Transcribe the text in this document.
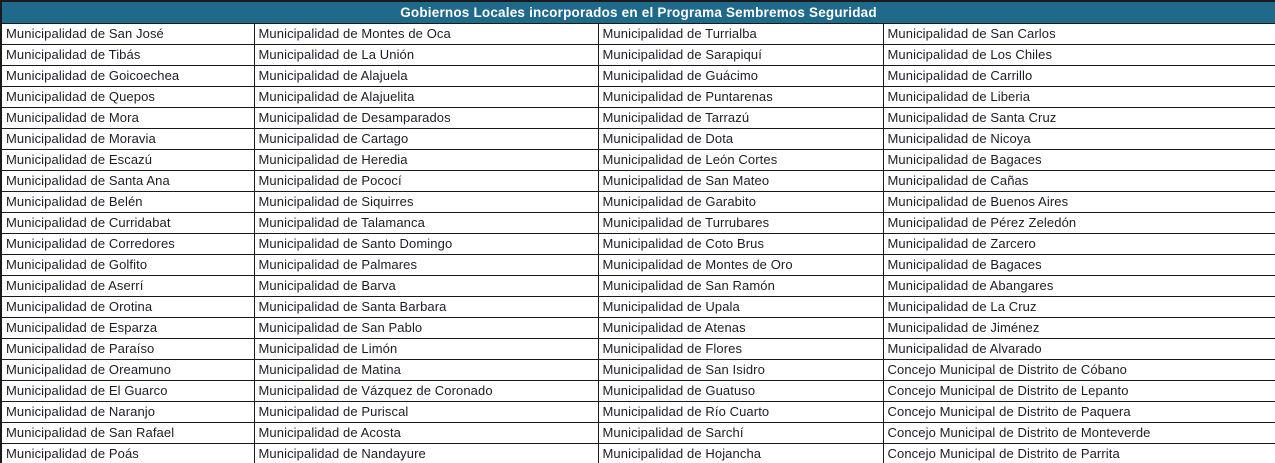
Gobiernos Locales incorporados en el Programa Sembremos Seguridad			
Municipalidad de San José	Municipalidad de Montes de Oca	Municipalidad de Turrialba	Municipalidad de San Carlos
Municipalidad de Tibás	Municipalidad de La Unión	Municipalidad de Sarapiquí	Municipalidad de Los Chiles
Municipalidad de Goicoechea	Municipalidad de Alajuela	Municipalidad de Guácimo	Municipalidad de Carrillo
Municipalidad de Quepos	Municipalidad de Alajuelita	Municipalidad de Puntarenas	Municipalidad de Liberia
Municipalidad de Mora	Municipalidad de Desamparados	Municipalidad de Tarrazú	Municipalidad de Santa Cruz
Municipalidad de Moravia	Municipalidad de Cartago	Municipalidad de Dota	Municipalidad de Nicoya
Municipalidad de Escazú	Municipalidad de Heredia	Municipalidad de León Cortes	Municipalidad de Bagaces
Municipalidad de Santa Ana	Municipalidad de Pococí	Municipalidad de San Mateo	Municipalidad de Cañas
Municipalidad de Belén	Municipalidad de Siquirres	Municipalidad de Garabito	Municipalidad de Buenos Aires
Municipalidad de Curridabat	Municipalidad de Talamanca	Municipalidad de Turrubares	Municipalidad de Pérez Zeledón
Municipalidad de Corredores	Municipalidad de Santo Domingo	Municipalidad de Coto Brus	Municipalidad de Zarcero
Municipalidad de Golfito	Municipalidad de Palmares	Municipalidad de Montes de Oro	Municipalidad de Bagaces
Municipalidad de Aserrí	Municipalidad de Barva	Municipalidad de San Ramón	Municipalidad de Abangares
Municipalidad de Orotina	Municipalidad de Santa Barbara	Municipalidad de Upala	Municipalidad de La Cruz
Municipalidad de Esparza	Municipalidad de San Pablo	Municipalidad de Atenas	Municipalidad de Jiménez
Municipalidad de Paraíso	Municipalidad de Limón	Municipalidad de Flores	Municipalidad de Alvarado
Municipalidad de Oreamuno	Municipalidad de Matina	Municipalidad de San Isidro	Concejo Municipal de Distrito de Cóbano
Municipalidad de El Guarco	Municipalidad de Vázquez de Coronado	Municipalidad de Guatuso	Concejo Municipal de Distrito de Lepanto
Municipalidad de Naranjo	Municipalidad de Puriscal	Municipalidad de Río Cuarto	Concejo Municipal de Distrito de Paquera
Municipalidad de San Rafael	Municipalidad de Acosta	Municipalidad de Sarchí	Concejo Municipal de Distrito de Monteverde
Municipalidad de Poás	Municipalidad de Nandayure	Municipalidad de Hojancha	Concejo Municipal de Distrito de Parrita
